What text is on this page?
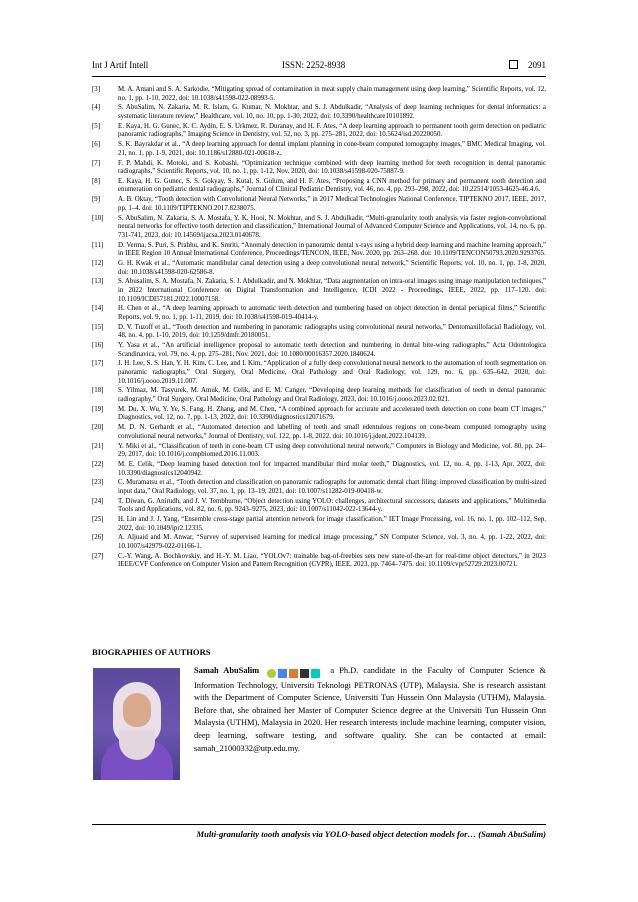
Int J Artif Intell	ISSN: 2252-8938	2091
[3]	M. A. Amani and S. A. Sarkodie, “Mitigating spread of contamination in meat supply chain management using deep learning,” Scientific Reports, vol. 12, no. 1, pp. 1-10, 2022, doi: 10.1038/s41598-022-08993-5.
[4]	S. AbuSalim, N. Zakaria, M. R. Islam, G. Kumar, N. Mokhtar, and S. J. Abdulkadir, “Analysis of deep learning techniques for dental informatics: a systematic literature review,” Healthcare, vol. 10, no. 10, pp. 1-30, 2022, doi: 10.3390/healthcare10101892.
[5]	E. Kaya, H. G. Gunec, K. C. Aydin, E. S. Urkmez, R. Duranay, and H. F. Ates, “A deep learning approach to permanent tooth germ detection on pediatric panoramic radiographs,” Imaging Science in Dentistry, vol. 52, no. 3, pp. 275–281, 2022, doi: 10.5624/isd.20220050.
[6]	S. K. Bayrakdar et al., “A deep learning approach for dental implant planning in cone-beam computed tomography images,” BMC Medical Imaging, vol. 21, no. 1, pp. 1-9, 2021, doi: 10.1186/s12880-021-00618-z.
[7]	F. P. Mahdi, K. Motoki, and S. Kobashi, “Optimization technique combined with deep learning method for teeth recognition in dental panoramic radiographs,” Scientific Reports, vol. 10, no. 1, pp. 1-12, Nov. 2020, doi: 10.1038/s41598-020-75887-9.
[8]	E. Kaya, H. G. Gunec, S. S. Gokyay, S. Kutal, S. Gulum, and H. F. Ates, “Proposing a CNN method for primary and permanent tooth detection and enumeration on pediatric dental radiographs,” Journal of Clinical Pediatric Dentistry, vol. 46, no. 4, pp. 293–298, 2022, doi: 10.22514/1053-4625-46.4.6.
[9]	A. B. Oktay, “Tooth detection with Convolutional Neural Networks,” in 2017 Medical Technologies National Conference, TIPTEKNO 2017, IEEE, 2017, pp. 1–4. doi: 10.1109/TIPTEKNO.2017.8238075.
[10] S. AbuSalim, N. Zakaria, S. A. Mostafa, Y. K. Hooi, N. Mokhtar, and S. J. Abdulkadir, “Multi-granularity tooth analysis via faster region-convolutional neural networks for effective tooth detection and classification,” International Journal of Advanced Computer Science and Applications, vol. 14, no. 6, pp. 731-741, 2023, doi: 10.14569/ijacsa.2023.0140678.
[11] D. Verma, S. Puri, S. Prabhu, and K. Smriti, “Anomaly detection in panoramic dental x-rays using a hybrid deep learning and machine learning approach,” in IEEE Region 10 Annual International Conference, Proceedings/TENCON, IEEE, Nov. 2020, pp. 263–268. doi: 10.1109/TENCON50793.2020.9293765.
[12] G. H. Kwak et al., “Automatic mandibular canal detection using a deep convolutional neural network,” Scientific Reports, vol. 10, no. 1, pp. 1-8, 2020, doi: 10.1038/s41598-020-62586-8.
[13] S. Abusalim, S. A. Mostafa, N. Zakaria, S. J. Abdulkadir, and N. Mokhtar, “Data augmentation on intra-oral images using image manipulation techniques,” in 2022 International Conference on Digital Transformation and Intelligence, ICDI 2022 - Proceedings, IEEE, 2022, pp. 117–120. doi: 10.1109/ICDI57181.2022.10007158.
[14] H. Chen et al., “A deep learning approach to automatic teeth detection and numbering based on object detection in dental periapical films,” Scientific Reports, vol. 9, no. 1, pp. 1-11, 2019, doi: 10.1038/s41598-019-40414-y.
[15] D. V. Tuzoff et al., “Tooth detection and numbering in panoramic radiographs using convolutional neural networks,” Dentomaxillofacial Radiology, vol. 48, no. 4, pp. 1-10, 2019, doi: 10.1259/dmfr.20180051.
[16] Y. Yasa et al., “An artificial intelligence proposal to automatic teeth detection and numbering in dental bite-wing radiographs,” Acta Odontologica Scandinavica, vol. 79, no. 4, pp. 275–281, Nov. 2021, doi: 10.1080/00016357.2020.1840624.
[17] J. H. Lee, S. S. Han, Y. H. Kim, C. Lee, and I. Kim, “Application of a fully deep convolutional neural network to the automation of tooth segmentation on panoramic radiographs,” Oral Surgery, Oral Medicine, Oral Pathology and Oral Radiology, vol. 129, no. 6, pp. 635–642, 2020, doi: 10.1016/j.oooo.2019.11.007.
[18] S. Yilmaz, M. Tasyurek, M. Amuk, M. Celik, and E. M. Canger, “Developing deep learning methods for classification of teeth in dental panoramic radiography,” Oral Surgery, Oral Medicine, Oral Pathology and Oral Radiology, 2023, doi: 10.1016/j.oooo.2023.02.021.
[19] M. Du, X. Wu, Y. Ye, S. Fang, H. Zhang, and M. Chen, “A combined approach for accurate and accelerated teeth detection on cone beam CT images,” Diagnostics, vol. 12, no. 7, pp. 1-13, 2022, doi: 10.3390/diagnostics12071679.
[20] M. D. N. Gerhardt et al., “Automated detection and labelling of teeth and small edentulous regions on cone-beam computed tomography using convolutional neural networks,” Journal of Dentistry, vol. 122, pp. 1-8, 2022, doi: 10.1016/j.jdent.2022.104139.
[21] Y. Miki et al., “Classification of teeth in cone-beam CT using deep convolutional neural network,” Computers in Biology and Medicine, vol. 80, pp. 24–29, 2017, doi: 10.1016/j.compbiomed.2016.11.003.
[22] M. E. Celik, “Deep learning based detection tool for impacted mandibular third molar teeth,” Diagnostics, vol. 12, no. 4, pp. 1-13, Apr. 2022, doi: 10.3390/diagnostics12040942.
[23] C. Muramatsu et al., “Tooth detection and classification on panoramic radiographs for automatic dental chart filing: improved classification by multi-sized input data,” Oral Radiology, vol. 37, no. 1, pp. 13–19, 2021, doi: 10.1007/s11282-019-00418-w.
[24] T. Diwan, G. Anirudh, and J. V. Tembhurne, “Object detection using YOLO: challenges, architectural successors, datasets and applications,” Multimedia Tools and Applications, vol. 82, no. 6, pp. 9243–9275, 2023, doi: 10.1007/s11042-022-13644-y.
[25] H. Lin and J. J. Yang, “Ensemble cross-stage partial attention network for image classification,” IET Image Processing, vol. 16, no. 1, pp. 102–112, Sep. 2022, doi: 10.1049/ipr2.12335.
[26] A. Aljuaid and M. Anwar, “Survey of supervised learning for medical image processing,” SN Computer Science, vol. 3, no. 4, pp. 1-22, 2022, doi: 10.1007/s42979-022-01166-1.
[27] C.-Y. Wang, A. Bochkovskiy, and H.-Y. M. Liao, “YOLOv7: trainable bag-of-freebies sets new state-of-the-art for real-time object detectors,” in 2023 IEEE/CVF Conference on Computer Vision and Pattern Recognition (CVPR), IEEE, 2023, pp. 7464–7475. doi: 10.1109/cvpr52729.2023.00721.
BIOGRAPHIES OF AUTHORS
Samah AbuSalim	a Ph.D. candidate in the Faculty of Computer Science & Information Technology, Universiti Teknologi PETRONAS (UTP), Malaysia. She is research assistant with the Department of Computer Science, Universiti Tun Hussein Onn Malaysia (UTHM), Malaysia. Before that, she obtained her Master of Computer Science degree at the Universiti Tun Hussein Onn Malaysia (UTHM), Malaysia in 2020. Her research interests include machine learning, computer vision, deep learning, software testing, and software quality. She can be contacted at email: samah_21000332@utp.edu.my.
Multi-granularity tooth analysis via YOLO-based object detection models for… (Samah AbuSalim)
